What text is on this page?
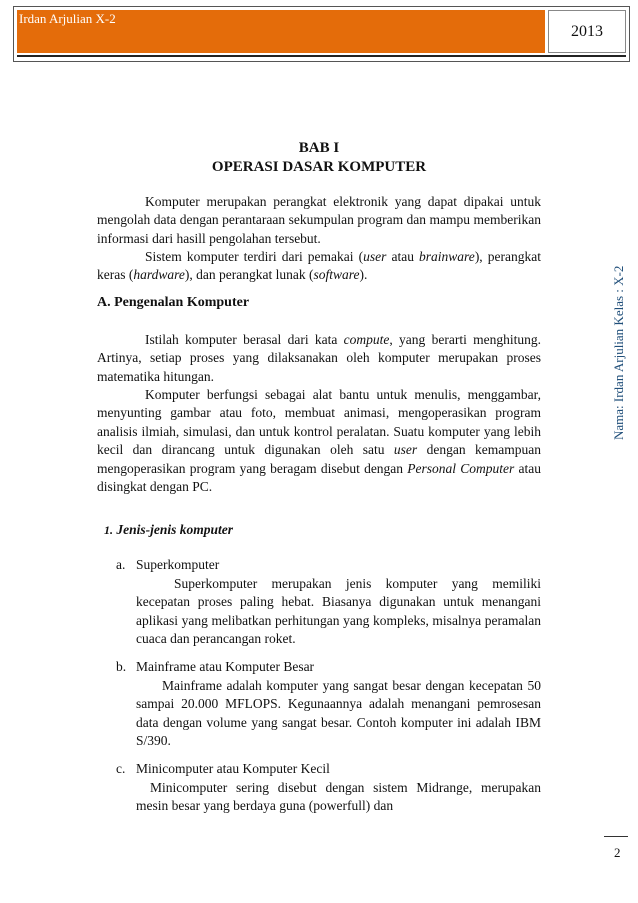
Irdan Arjulian X-2
2013
Nama: Irdan Arjulian Kelas : X-2
BAB I
OPERASI DASAR KOMPUTER
Komputer merupakan perangkat elektronik yang dapat dipakai untuk mengolah data dengan perantaraan sekumpulan program dan mampu memberikan informasi dari hasill pengolahan tersebut.
Sistem komputer terdiri dari pemakai (user atau brainware), perangkat keras (hardware), dan perangkat lunak (software).
A. Pengenalan Komputer
Istilah komputer berasal dari kata compute, yang berarti menghitung. Artinya, setiap proses yang dilaksanakan oleh komputer merupakan proses matematika hitungan.
Komputer berfungsi sebagai alat bantu untuk menulis, menggambar, menyunting gambar atau foto, membuat animasi, mengoperasikan program analisis ilmiah, simulasi, dan untuk kontrol peralatan. Suatu komputer yang lebih kecil dan dirancang untuk digunakan oleh satu user dengan kemampuan mengoperasikan program yang beragam disebut dengan Personal Computer atau disingkat dengan PC.
1. Jenis-jenis komputer
a. Superkomputer
Superkomputer merupakan jenis komputer yang memiliki kecepatan proses paling hebat. Biasanya digunakan untuk menangani aplikasi yang melibatkan perhitungan yang kompleks, misalnya peramalan cuaca dan perancangan roket.
b. Mainframe atau Komputer Besar
Mainframe adalah komputer yang sangat besar dengan kecepatan 50 sampai 20.000 MFLOPS. Kegunaannya adalah menangani pemrosesan data dengan volume yang sangat besar. Contoh komputer ini adalah IBM S/390.
c. Minicomputer atau Komputer Kecil
Minicomputer sering disebut dengan sistem Midrange, merupakan mesin besar yang berdaya guna (powerfull) dan
2
